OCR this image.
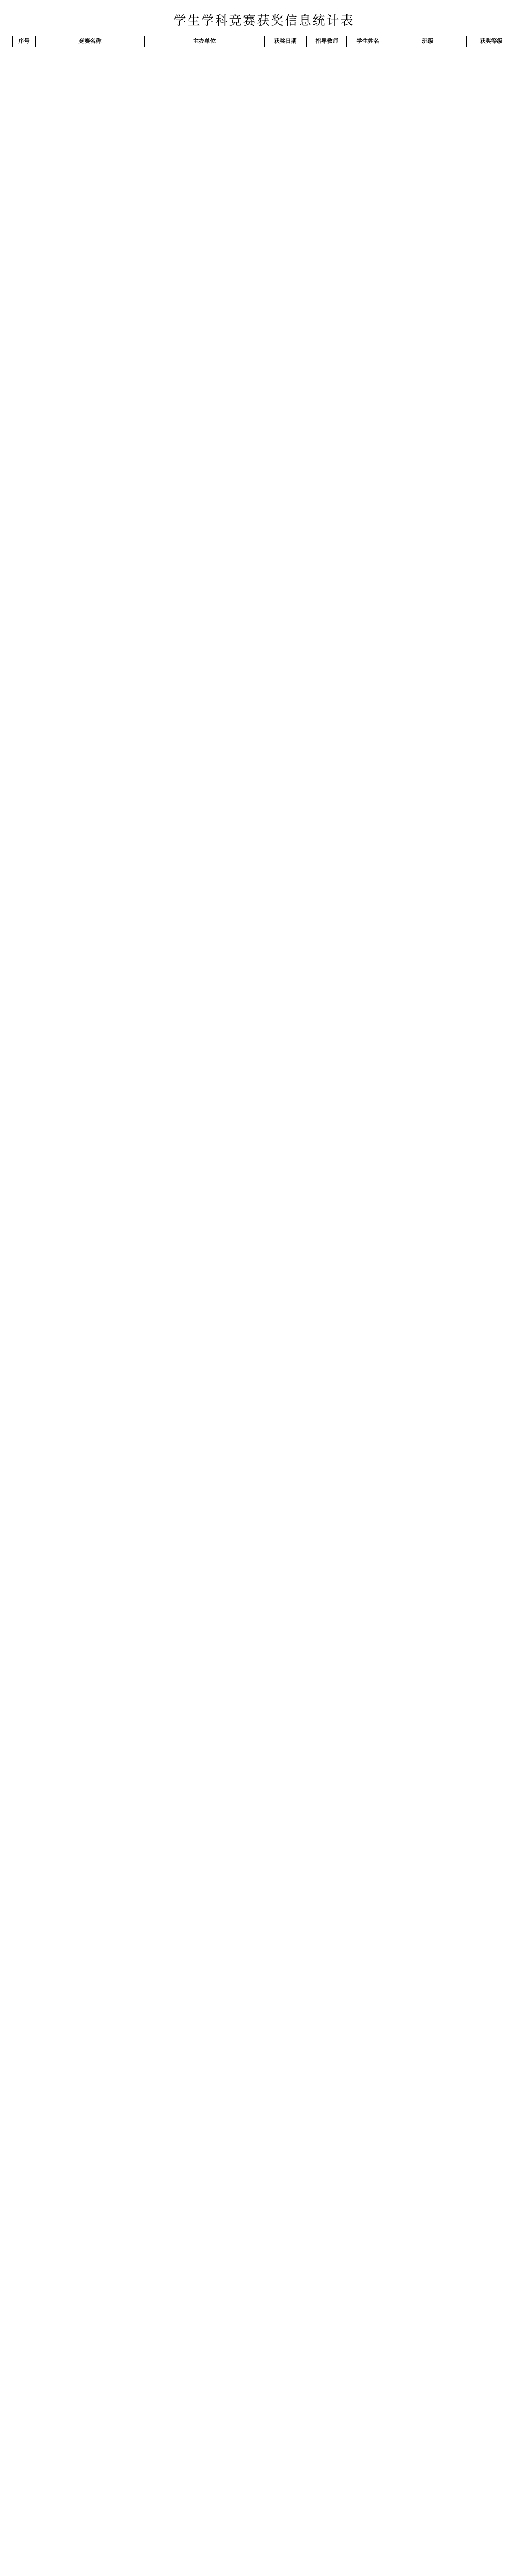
学生学科竞赛获奖信息统计表
序号	竞赛名称	主办单位	获奖日期	指导教师	学生姓名	班级	获奖等级
